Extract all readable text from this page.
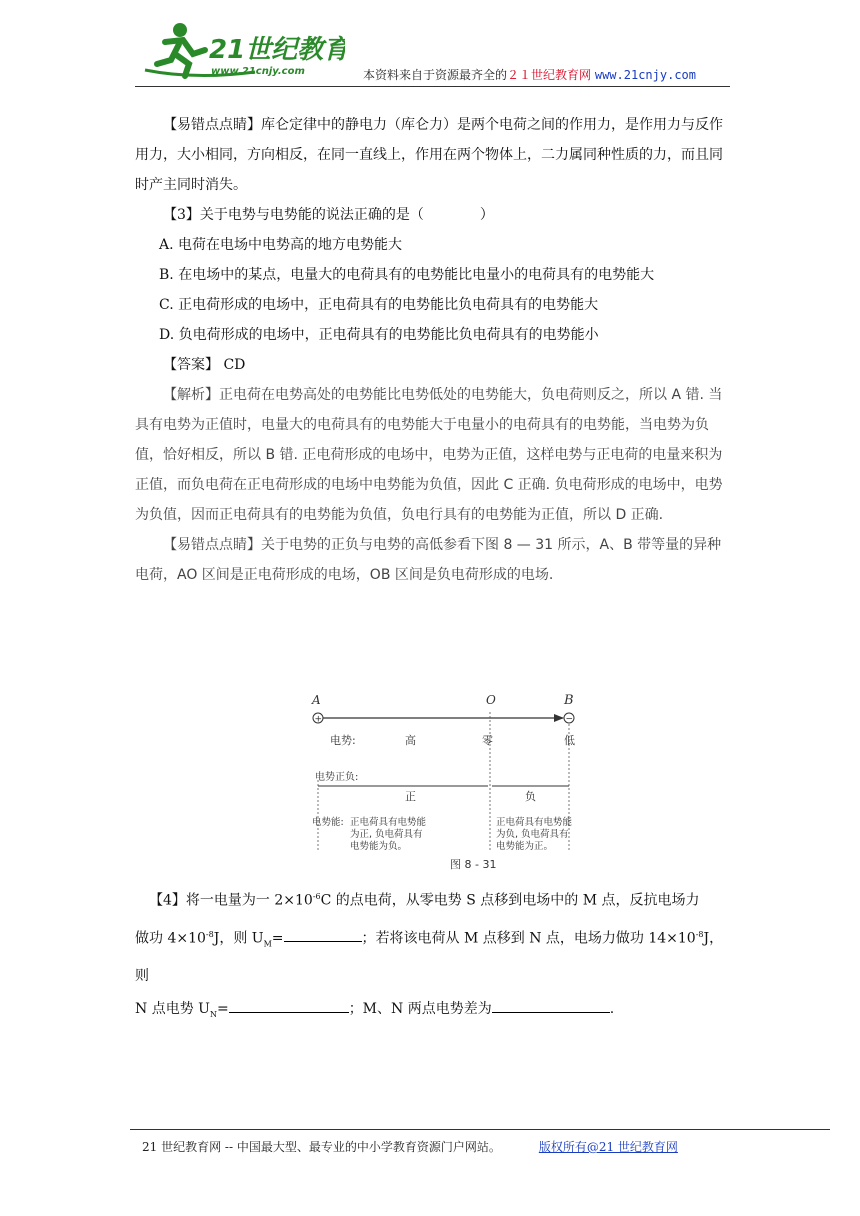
21世纪教育
www.21cnjy.com	本资料来自于资源最齐全的２１世纪教育网 www.21cnjy.com

【易错点点睛】库仑定律中的静电力（库仑力）是两个电荷之间的作用力，是作用力与反作用力，大小相同，方向相反，在同一直线上，作用在两个物体上，二力属同种性质的力，而且同时产主同时消失。

【3】关于电势与电势能的说法正确的是（　　　　）

A. 电荷在电场中电势高的地方电势能大

B. 在电场中的某点，电量大的电荷具有的电势能比电量小的电荷具有的电势能大

C. 正电荷形成的电场中，正电荷具有的电势能比负电荷具有的电势能大

D. 负电荷形成的电场中，正电荷具有的电势能比负电荷具有的电势能小

【答案】 CD

【解析】正电荷在电势高处的电势能比电势低处的电势能大，负电荷则反之，所以 A 错. 当具有电势为正值时，电量大的电荷具有的电势能大于电量小的电荷具有的电势能，当电势为负值，恰好相反，所以 B 错. 正电荷形成的电场中，电势为正值，这样电势与正电荷的电量来积为正值，而负电荷在正电荷形成的电场中电势能为负值，因此 C 正确. 负电荷形成的电场中，电势为负值，因而正电荷具有的电势能为负值，负电行具有的电势能为正值，所以 D 正确.

【易错点点睛】关于电势的正负与电势的高低参看下图 8 — 31 所示，A、B 带等量的异种电荷，AO 区间是正电荷形成的电场，OB 区间是负电荷形成的电场.

A	O	B
+	−
电势:	高	零	低
电势正负:
正	负
电势能: 正电荷具有电势能
为正, 负电荷具有
电势能为负。
正电荷具有电势能
为负, 负电荷具有
电势能为正。
图 8 - 31
【4】将一电量为一 $2\times 10^{-6}C$ 的点电荷，从零电势 S 点移到电场中的 M 点，反抗电场力
做功 $4\times 10^{-8}J$，则 $U_M=$	；若将该电荷从 M 点移到 N 点，电场力做功 $14\times 10^{-8}J$，则
N 点电势 $U_N=$	；M、N 两点电势差为	.
21 世纪教育网 -- 中国最大型、最专业的中小学教育资源门户网站。	版权所有@21 世纪教育网
